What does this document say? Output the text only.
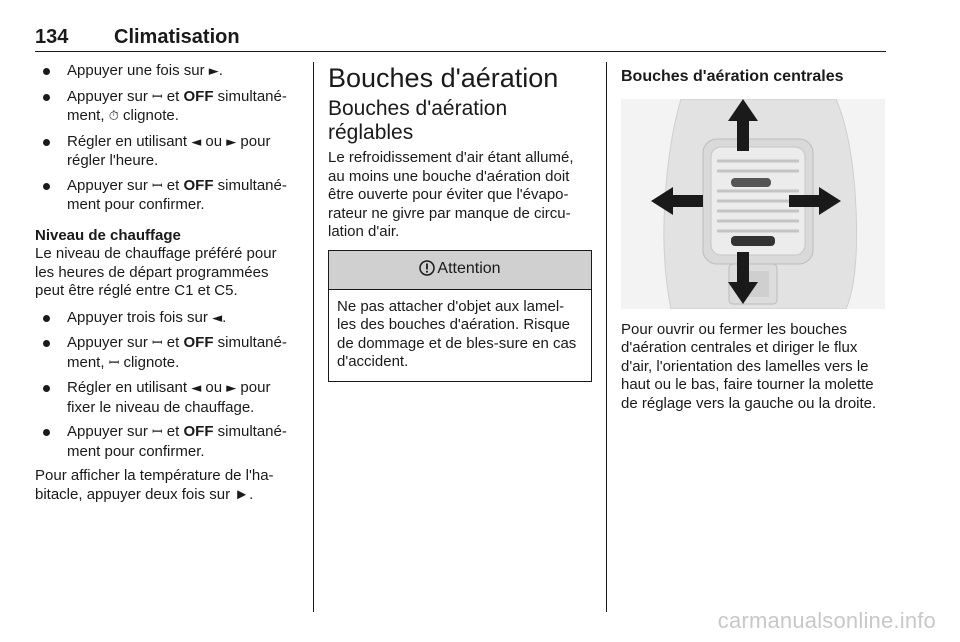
134 Climatisation
Appuyer une fois sur ►.
Appuyer sur ꟷ et OFF simultané-ment, ⏱ clignote.
Régler en utilisant ◄ ou ► pour régler l'heure.
Appuyer sur ꟷ et OFF simultané-ment pour confirmer.

Niveau de chauffage

Le niveau de chauffage préféré pour les heures de départ programmées peut être réglé entre C1 et C5.

Appuyer trois fois sur ◄.
Appuyer sur ꟷ et OFF simultané-ment, ꟷ clignote.
Régler en utilisant ◄ ou ► pour fixer le niveau de chauffage.
Appuyer sur ꟷ et OFF simultané-ment pour confirmer.

Pour afficher la température de l'ha-bitacle, appuyer deux fois sur ►.

Bouches d'aération
Bouches d'aération réglables

Le refroidissement d'air étant allumé, au moins une bouche d'aération doit être ouverte pour éviter que l'évapo-rateur ne givre par manque de circu-lation d'air.

Attention
Ne pas attacher d'objet aux lamel-les des bouches d'aération. Risque de dommage et de bles-sure en cas d'accident.
Bouches d'aération centrales

Pour ouvrir ou fermer les bouches d'aération centrales et diriger le flux d'air, l'orientation des lamelles vers le haut ou le bas, faire tourner la molette de réglage vers la gauche ou la droite.

carmanualsonline.info
